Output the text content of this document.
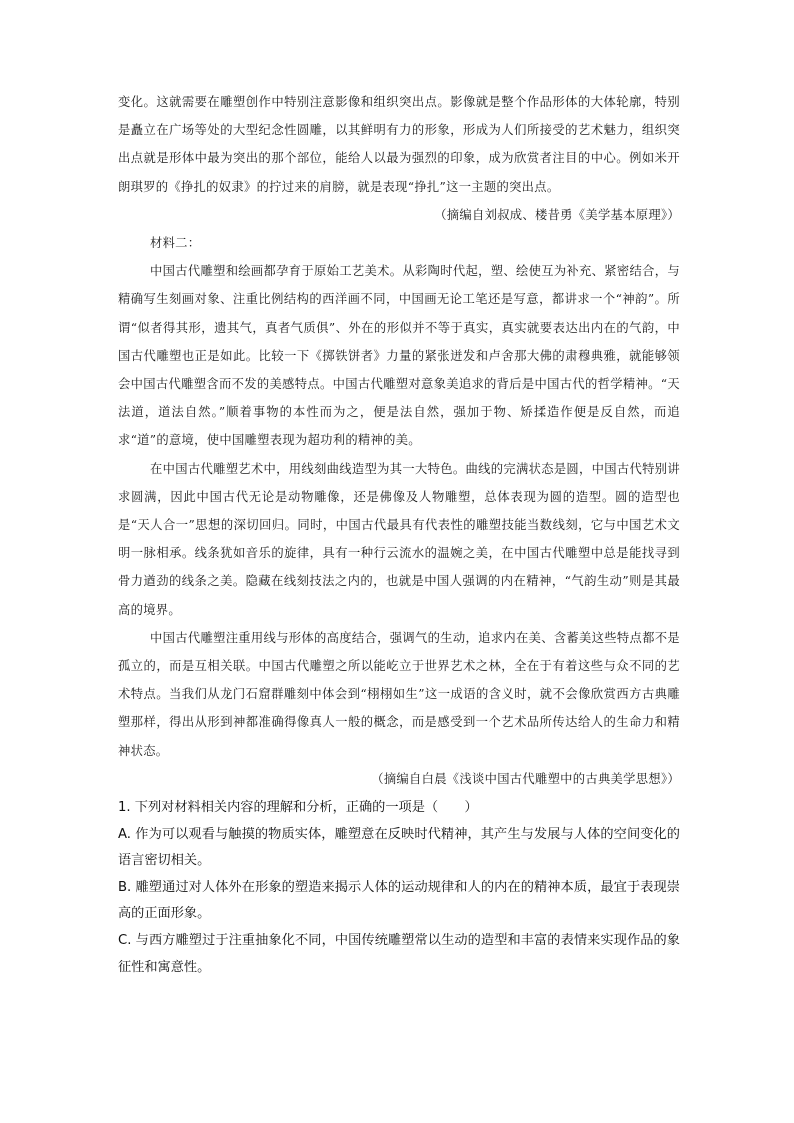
变化。这就需要在雕塑创作中特别注意影像和组织突出点。影像就是整个作品形体的大体轮廓，特别是矗立在广场等处的大型纪念性圆雕，以其鲜明有力的形象，形成为人们所接受的艺术魅力，组织突出点就是形体中最为突出的那个部位，能给人以最为强烈的印象，成为欣赏者注目的中心。例如米开朗琪罗的《挣扎的奴隶》的拧过来的肩膀，就是表现“挣扎”这一主题的突出点。

（摘编自刘叔成、楼昔勇《美学基本原理》）

材料二：

中国古代雕塑和绘画都孕育于原始工艺美术。从彩陶时代起，塑、绘使互为补充、紧密结合，与精确写生刻画对象、注重比例结构的西洋画不同，中国画无论工笔还是写意，都讲求一个“神韵”。所谓“似者得其形，遗其气，真者气质俱”、外在的形似并不等于真实，真实就要表达出内在的气韵，中国古代雕塑也正是如此。比较一下《掷铁饼者》力量的紧张迸发和卢舍那大佛的肃穆典雅，就能够领会中国古代雕塑含而不发的美感特点。中国古代雕塑对意象美追求的背后是中国古代的哲学精神。“天法道，道法自然。”顺着事物的本性而为之，便是法自然，强加于物、矫揉造作便是反自然，而追求“道”的意境，使中国雕塑表现为超功利的精神的美。

在中国古代雕塑艺术中，用线刻曲线造型为其一大特色。曲线的完满状态是圆，中国古代特别讲求圆满，因此中国古代无论是动物雕像，还是佛像及人物雕塑，总体表现为圆的造型。圆的造型也是“天人合一”思想的深切回归。同时，中国古代最具有代表性的雕塑技能当数线刻，它与中国艺术文明一脉相承。线条犹如音乐的旋律，具有一种行云流水的温婉之美，在中国古代雕塑中总是能找寻到骨力遒劲的线条之美。隐藏在线刻技法之内的，也就是中国人强调的内在精神，“气韵生动”则是其最高的境界。

中国古代雕塑注重用线与形体的高度结合，强调气的生动，追求内在美、含蓄美这些特点都不是孤立的，而是互相关联。中国古代雕塑之所以能屹立于世界艺术之林，全在于有着这些与众不同的艺术特点。当我们从龙门石窟群雕刻中体会到“栩栩如生”这一成语的含义时，就不会像欣赏西方古典雕塑那样，得出从形到神都准确得像真人一般的概念，而是感受到一个艺术品所传达给人的生命力和精神状态。

（摘编自白晨《浅谈中国古代雕塑中的古典美学思想》）

1. 下列对材料相关内容的理解和分析，正确的一项是（　　）

A. 作为可以观看与触摸的物质实体，雕塑意在反映时代精神，其产生与发展与人体的空间变化的语言密切相关。

B. 雕塑通过对人体外在形象的塑造来揭示人体的运动规律和人的内在的精神本质，最宜于表现崇高的正面形象。

C. 与西方雕塑过于注重抽象化不同，中国传统雕塑常以生动的造型和丰富的表情来实现作品的象征性和寓意性。
